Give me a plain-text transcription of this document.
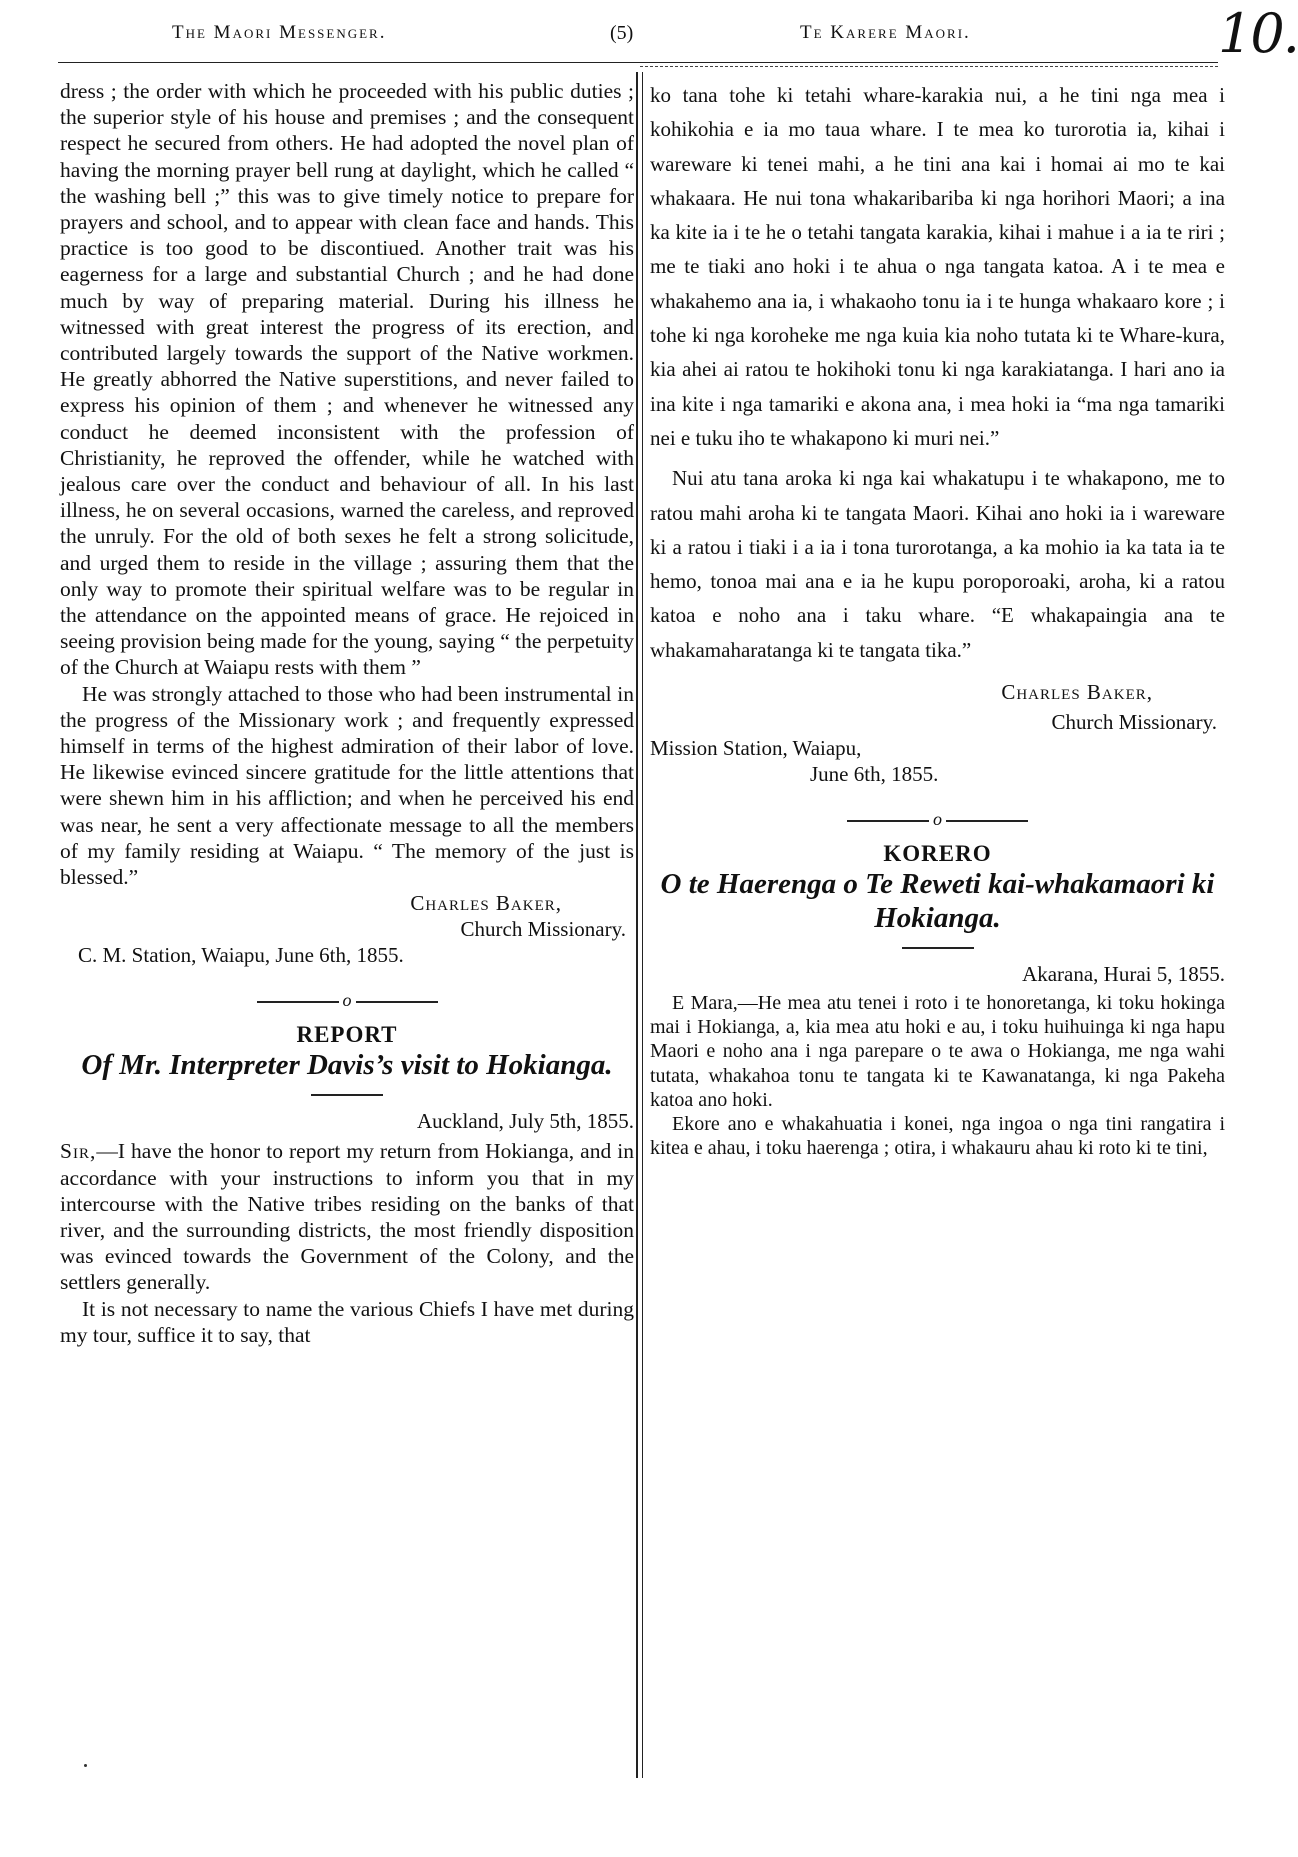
The Maori Messenger.	(5)	Te Karere Maori.	10.

dress ; the order with which he proceeded with his public duties ; the superior style of his house and premises ; and the consequent respect he secured from others. He had adopted the novel plan of having the morning prayer bell rung at daylight, which he called “ the washing bell ;” this was to give timely notice to prepare for prayers and school, and to appear with clean face and hands. This practice is too good to be discontiued. Another trait was his eagerness for a large and substantial Church ; and he had done much by way of preparing material. During his illness he witnessed with great interest the progress of its erection, and contributed largely towards the support of the Native workmen. He greatly abhorred the Native superstitions, and never failed to express his opinion of them ; and whenever he witnessed any conduct he deemed inconsistent with the profession of Christianity, he reproved the offender, while he watched with jealous care over the conduct and behaviour of all. In his last illness, he on several occasions, warned the careless, and reproved the unruly. For the old of both sexes he felt a strong solicitude, and urged them to reside in the village ; assuring them that the only way to promote their spiritual welfare was to be regular in the attendance on the appointed means of grace. He rejoiced in seeing provision being made for the young, saying “ the perpetuity of the Church at Waiapu rests with them ”

He was strongly attached to those who had been instrumental in the progress of the Missionary work ; and frequently expressed himself in terms of the highest admiration of their labor of love. He likewise evinced sincere gratitude for the little attentions that were shewn him in his affliction; and when he perceived his end was near, he sent a very affectionate message to all the members of my family residing at Waiapu. “ The memory of the just is blessed.”

Charles Baker,

Church Missionary.

C. M. Station, Waiapu, June 6th, 1855.

o

REPORT

Of Mr. Interpreter Davis’s visit to Hokianga.

Auckland, July 5th, 1855.

Sir,—I have the honor to report my return from Hokianga, and in accordance with your instructions to inform you that in my intercourse with the Native tribes residing on the banks of that river, and the surrounding districts, the most friendly disposition was evinced towards the Government of the Colony, and the settlers generally.

It is not necessary to name the various Chiefs I have met during my tour, suffice it to say, that

ko tana tohe ki tetahi whare-karakia nui, a he tini nga mea i kohikohia e ia mo taua whare. I te mea ko turorotia ia, kihai i wareware ki tenei mahi, a he tini ana kai i homai ai mo te kai whakaara. He nui tona whakaribariba ki nga horihori Maori; a ina ka kite ia i te he o tetahi tangata karakia, kihai i mahue i a ia te riri ; me te tiaki ano hoki i te ahua o nga tangata katoa. A i te mea e whakahemo ana ia, i whakaoho tonu ia i te hunga whakaaro kore ; i tohe ki nga koroheke me nga kuia kia noho tutata ki te Whare-kura, kia ahei ai ratou te hokihoki tonu ki nga karakiatanga. I hari ano ia ina kite i nga tamariki e akona ana, i mea hoki ia “ma nga tamariki nei e tuku iho te whakapono ki muri nei.”

Nui atu tana aroka ki nga kai whakatupu i te whakapono, me to ratou mahi aroha ki te tangata Maori. Kihai ano hoki ia i wareware ki a ratou i tiaki i a ia i tona turorotanga, a ka mohio ia ka tata ia te hemo, tonoa mai ana e ia he kupu poroporoaki, aroha, ki a ratou katoa e noho ana i taku whare. “E whakapaingia ana te whakamaharatanga ki te tangata tika.”

Charles Baker,

Church Missionary.

Mission Station, Waiapu,

June 6th, 1855.

o

KORERO

O te Haerenga o Te Reweti kai-whakamaori ki Hokianga.

Akarana, Hurai 5, 1855.

E Mara,—He mea atu tenei i roto i te honoretanga, ki toku hokinga mai i Hokianga, a, kia mea atu hoki e au, i toku huihuinga ki nga hapu Maori e noho ana i nga parepare o te awa o Hokianga, me nga wahi tutata, whakahoa tonu te tangata ki te Kawanatanga, ki nga Pakeha katoa ano hoki.

Ekore ano e whakahuatia i konei, nga ingoa o nga tini rangatira i kitea e ahau, i toku haerenga ; otira, i whakauru ahau ki roto ki te tini,
